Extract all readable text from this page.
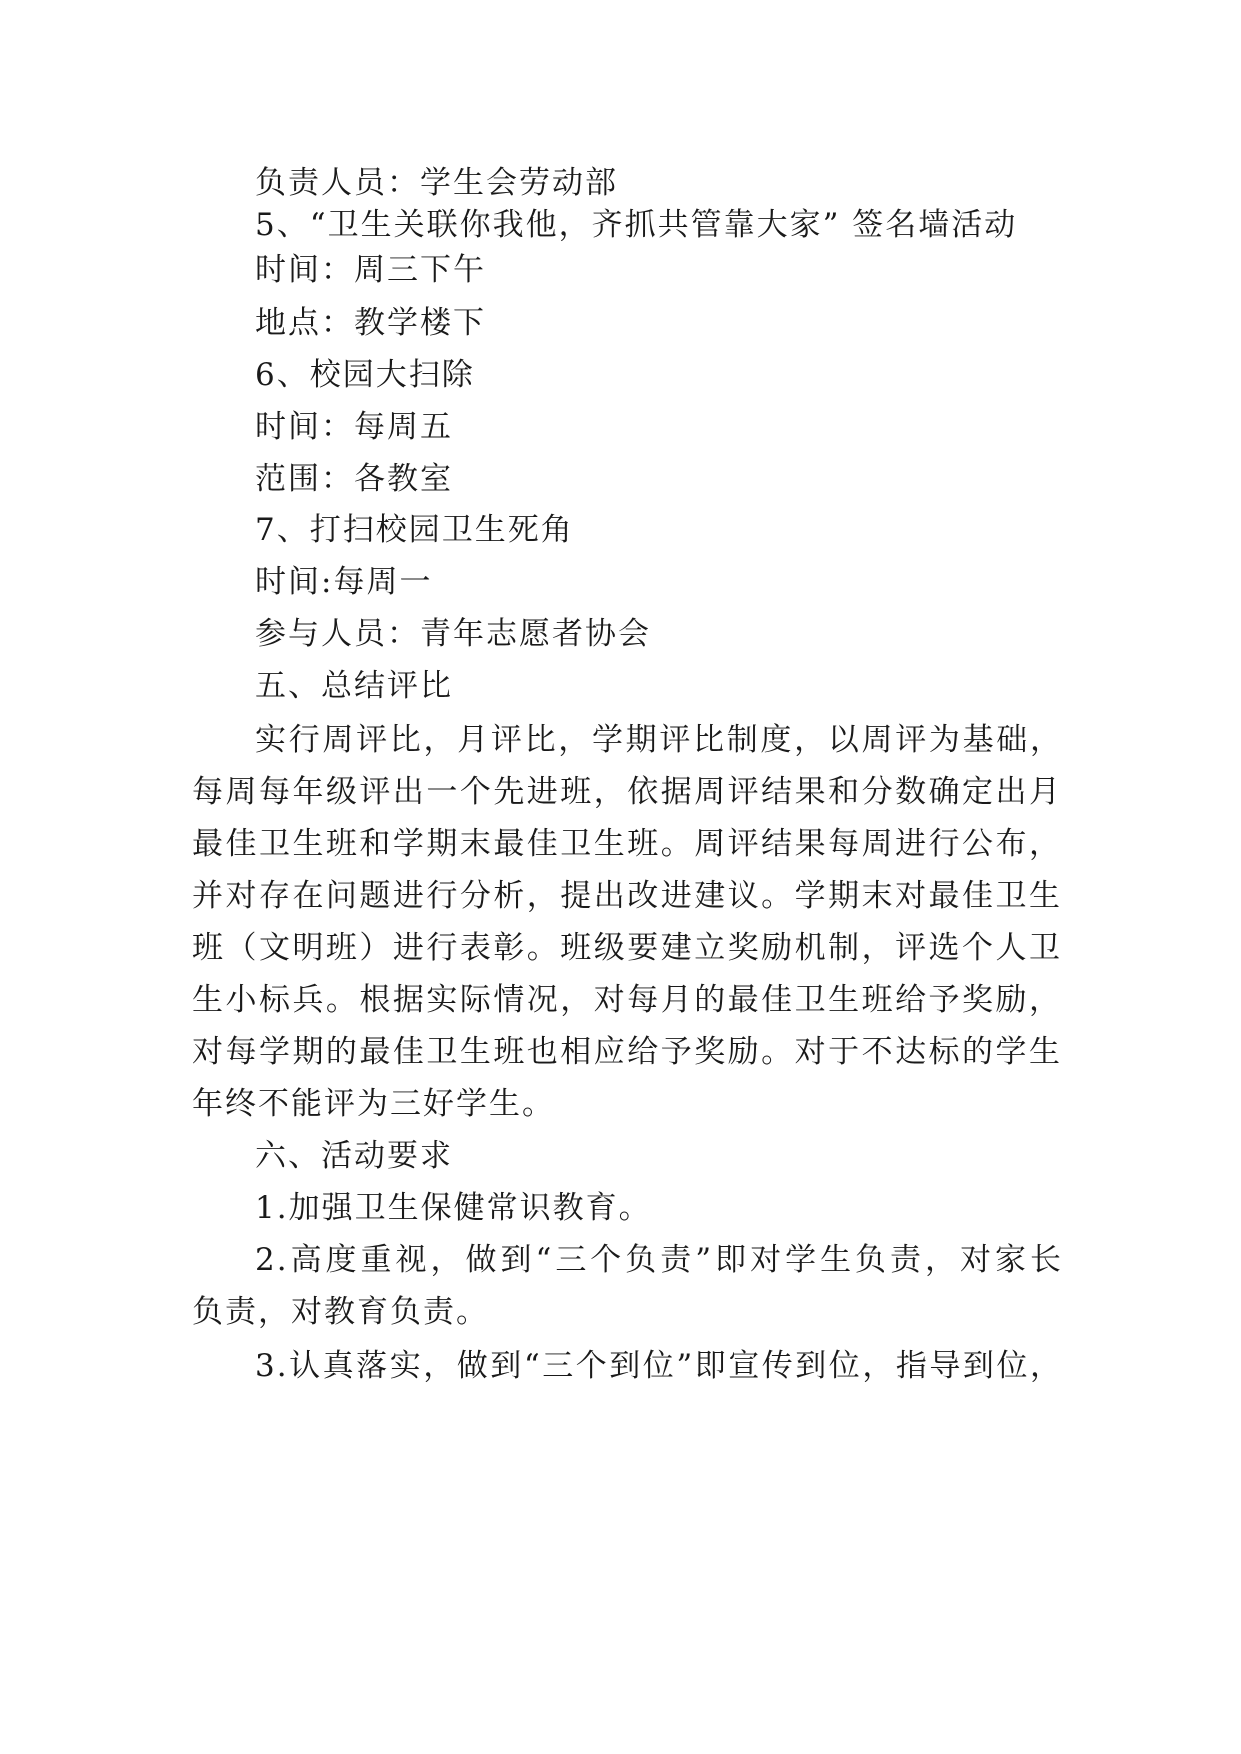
负责人员：学生会劳动部
5、“卫生关联你我他，齐抓共管靠大家” 签名墙活动
时间：周三下午
地点：教学楼下
6、校园大扫除
时间：每周五
范围：各教室
7、打扫校园卫生死角
时间:每周一
参与人员：青年志愿者协会
五、总结评比
实行周评比，月评比，学期评比制度，以周评为基础，
每周每年级评出一个先进班，依据周评结果和分数确定出月
最佳卫生班和学期末最佳卫生班。周评结果每周进行公布，
并对存在问题进行分析，提出改进建议。学期末对最佳卫生
班（文明班）进行表彰。班级要建立奖励机制，评选个人卫
生小标兵。根据实际情况，对每月的最佳卫生班给予奖励，
对每学期的最佳卫生班也相应给予奖励。对于不达标的学生
年终不能评为三好学生。
六、活动要求
1.加强卫生保健常识教育。
2.高度重视，做到“三个负责”即对学生负责，对家长
负责，对教育负责。
3.认真落实，做到“三个到位”即宣传到位，指导到位，
